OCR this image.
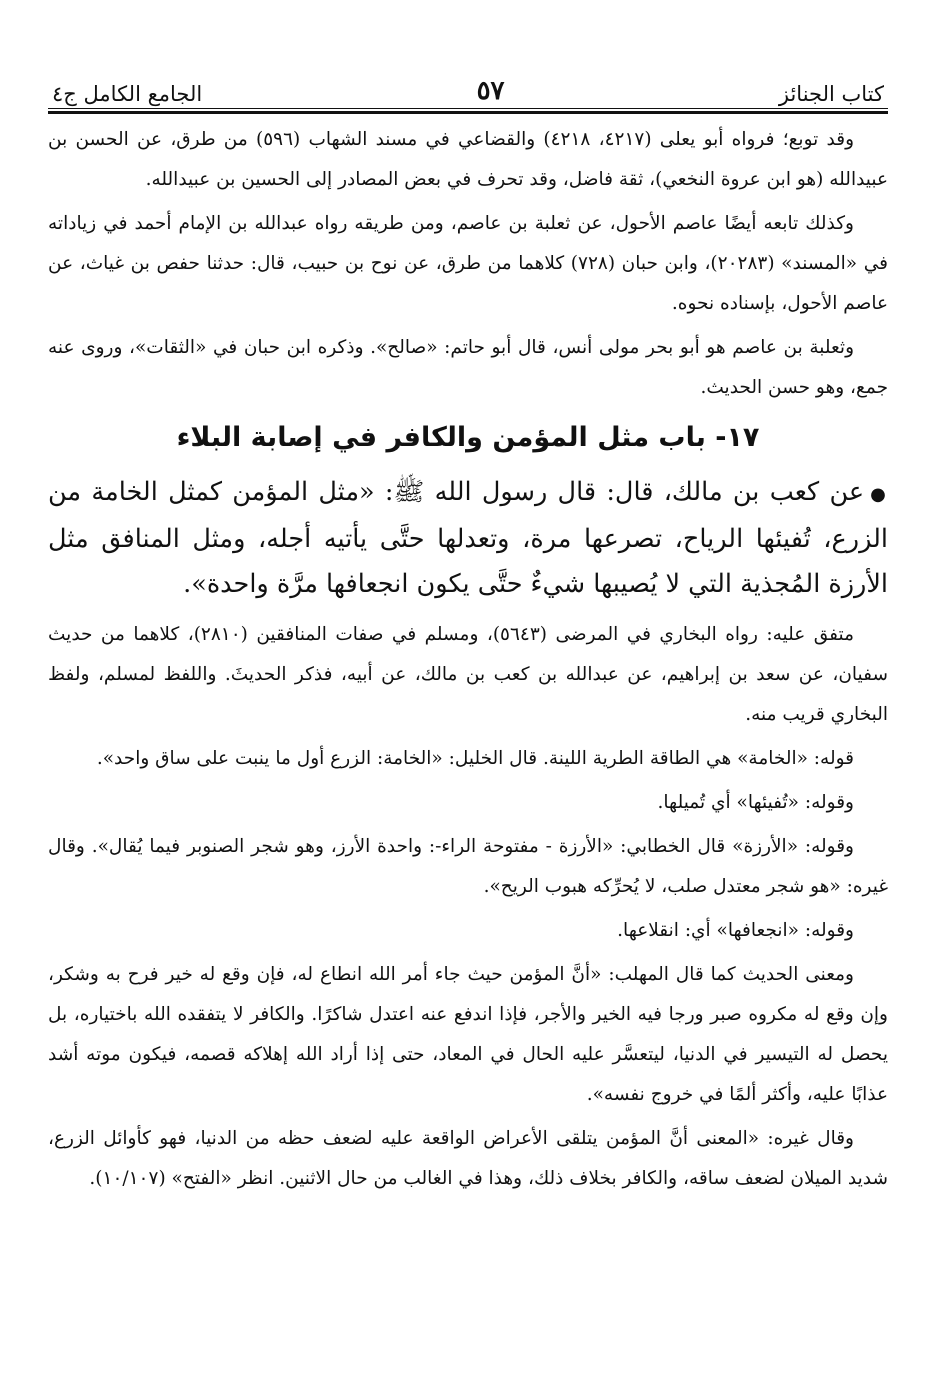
كتاب الجنائز
٥٧
الجامع الكامل ج٤

وقد توبع؛ فرواه أبو يعلى (٤٢١٧، ٤٢١٨) والقضاعي في مسند الشهاب (٥٩٦) من طرق، عن الحسن بن عبيدالله (هو ابن عروة النخعي)، ثقة فاضل، وقد تحرف في بعض المصادر إلى الحسين بن عبيدالله.

وكذلك تابعه أيضًا عاصم الأحول، عن ثعلبة بن عاصم، ومن طريقه رواه عبدالله بن الإمام أحمد في زياداته في «المسند» (٢٠٢٨٣)، وابن حبان (٧٢٨) كلاهما من طرق، عن نوح بن حبيب، قال: حدثنا حفص بن غياث، عن عاصم الأحول، بإسناده نحوه.

وثعلبة بن عاصم هو أبو بحر مولى أنس، قال أبو حاتم: «صالح». وذكره ابن حبان في «الثقات»، وروى عنه جمع، وهو حسن الحديث.

١٧- باب مثل المؤمن والكافر في إصابة البلاء

●عن كعب بن مالك، قال: قال رسول الله ﷺ: «مثل المؤمن كمثل الخامة من الزرع، تُفيئها الرياح، تصرعها مرة، وتعدلها حتَّى يأتيه أجله، ومثل المنافق مثل الأرزة المُجذية التي لا يُصيبها شيءٌ حتَّى يكون انجعافها مرَّة واحدة».

متفق عليه: رواه البخاري في المرضى (٥٦٤٣)، ومسلم في صفات المنافقين (٢٨١٠)، كلاهما من حديث سفيان، عن سعد بن إبراهيم، عن عبدالله بن كعب بن مالك، عن أبيه، فذكر الحديثَ. واللفظ لمسلم، ولفظ البخاري قريب منه.

قوله: «الخامة» هي الطاقة الطرية اللينة. قال الخليل: «الخامة: الزرع أول ما ينبت على ساق واحد».

وقوله: «تُفيئها» أي تُميلها.

وقوله: «الأرزة» قال الخطابي: «الأرزة - مفتوحة الراء-: واحدة الأرز، وهو شجر الصنوبر فيما يُقال». وقال غيره: «هو شجر معتدل صلب، لا يُحرِّكه هبوب الريح».

وقوله: «انجعافها» أي: انقلاعها.

ومعنى الحديث كما قال المهلب: «أنَّ المؤمن حيث جاء أمر الله انطاع له، فإن وقع له خير فرح به وشكر، وإن وقع له مكروه صبر ورجا فيه الخير والأجر، فإذا اندفع عنه اعتدل شاكرًا. والكافر لا يتفقده الله باختياره، بل يحصل له التيسير في الدنيا، ليتعسَّر عليه الحال في المعاد، حتى إذا أراد الله إهلاكه قصمه، فيكون موته أشد عذابًا عليه، وأكثر ألمًا في خروج نفسه».

وقال غيره: «المعنى أنَّ المؤمن يتلقى الأعراض الواقعة عليه لضعف حظه من الدنيا، فهو كأوائل الزرع، شديد الميلان لضعف ساقه، والكافر بخلاف ذلك، وهذا في الغالب من حال الاثنين. انظر «الفتح» (١٠/١٠٧).
